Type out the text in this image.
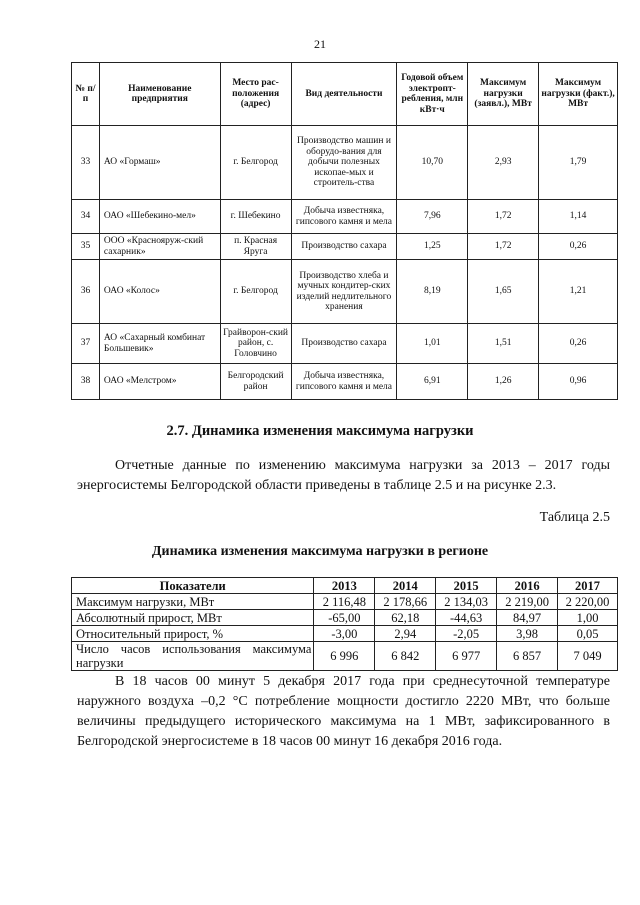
21
№ п/п	Наименование предприятия	Место рас-положения (адрес)	Вид деятельности	Годовой объем электропт-ребления, млн кВт·ч	Максимум нагрузки (заявл.), МВт	Максимум нагрузки (факт.), МВт
33	АО «Гормаш»	г. Белгород	Производство машин и оборудо-вания для добычи полезных ископае-мых и строитель-ства	10,70	2,93	1,79
34	ОАО «Шебекино-мел»	г. Шебекино	Добыча известняка, гипсового камня и мела	7,96	1,72	1,14
35	ООО «Краснояруж-ский сахарник»	п. Красная Яруга	Производство сахара	1,25	1,72	0,26
36	ОАО «Колос»	г. Белгород	Производство хлеба и мучных кондитер-ских изделий недлительного хранения	8,19	1,65	1,21
37	АО «Сахарный комбинат Большевик»	Грайворон-ский район, с. Головчино	Производство сахара	1,01	1,51	0,26
38	ОАО «Мелстром»	Белгородский район	Добыча известняка, гипсового камня и мела	6,91	1,26	0,96
2.7. Динамика изменения максимума нагрузки
Отчетные данные по изменению максимума нагрузки за 2013 – 2017 годы энергосистемы Белгородской области приведены в таблице 2.5 и на рисунке 2.3.
Таблица 2.5
Динамика изменения максимума нагрузки в регионе
Показатели	2013	2014	2015	2016	2017
Максимум нагрузки, МВт	2 116,48	2 178,66	2 134,03	2 219,00	2 220,00
Абсолютный прирост, МВт	-65,00	62,18	-44,63	84,97	1,00
Относительный прирост, %	-3,00	2,94	-2,05	3,98	0,05
Число часов использования максимума нагрузки	6 996	6 842	6 977	6 857	7 049
В 18 часов 00 минут 5 декабря 2017 года при среднесуточной температуре наружного воздуха –0,2 °С потребление мощности достигло 2220 МВт, что больше величины предыдущего исторического максимума на 1 МВт, зафиксированного в Белгородской энергосистеме в 18 часов 00 минут 16 декабря 2016 года.
